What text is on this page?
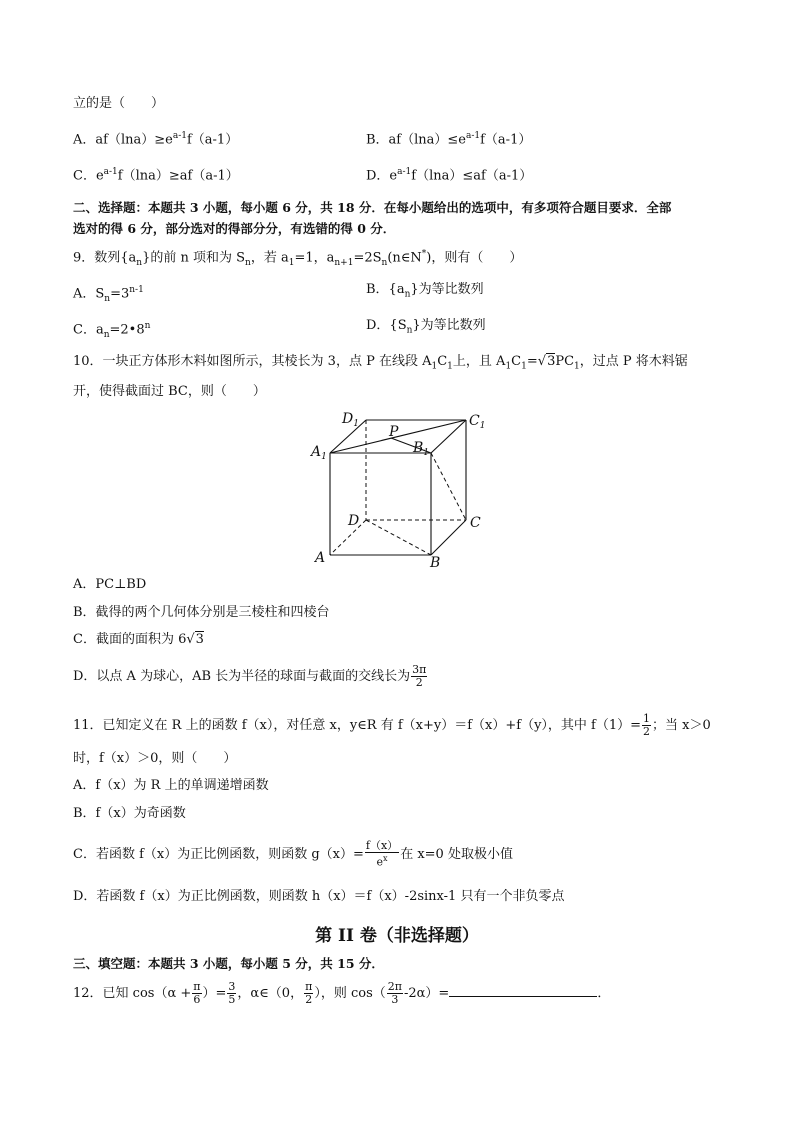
立的是（　　）
A．$af(\ln a)\ge e^{a-1}f(a-1)$	B．$af(\ln a)\le e^{a-1}f(a-1)$
C．$e^{a-1}f(\ln a)\ge af(a-1)$	D．$e^{a-1}f(\ln a)\le af(a-1)$
二、选择题：本题共 3 小题，每小题 6 分，共 18 分．在每小题给出的选项中，有多项符合题目要求．全部
选对的得 6 分，部分选对的得部分分，有选错的得 0 分．
9．数列$\{a_n\}$的前 n 项和为 $S_n$，若 $a_1=1$，$a_{n+1}=2S_n(n\in N^*)$，则有（　　）
A．$S_n=3^{n-1}$	B．$\{a_n\}$为等比数列
C．$a_n=2•8^n$	D．$\{S_n\}$为等比数列
10．一块正方体形木料如图所示，其棱长为 3，点 P 在线段 $A_1C_1$上，且 $A_1C_1=√3PC_1$，过点 P 将木料锯
开，使得截面过 BC，则（　　）
$D_1$	$C_1$
$A_1$
$B_1$
P
D	C
A	B
A．PC⊥BD
B．截得的两个几何体分别是三棱柱和四棱台
C．截面的面积为 6√3
D．以点 A 为球心，AB 长为半径的球面与截面的交线长为 $\frac{3\pi}{2}$
11．已知定义在 R 上的函数 f（x），对任意 x，y∈R 有 f（x+y）＝f（x）+f（y），其中 $f(1)= \frac{1}{2}$ ；当 x＞0
时，f（x）＞0，则（　　）
A．f（x）为 R 上的单调递增函数
B．f（x）为奇函数
C．若函数 f（x）为正比例函数，则函数 $g(x)= \frac{f(x)}{e^x}$ 在 x=0 处取极小值
D．若函数 f（x）为正比例函数，则函数 h（x）＝f（x）-2sinx-1 只有一个非负零点
第 II 卷（非选择题）
三、填空题：本题共 3 小题，每小题 5 分，共 15 分．
12．已知 $\cos(\alpha + \frac{\pi}{6}$ ）= $\frac{3}{5}$ ，α∈（0， $\frac{\pi}{2}$ ），则 $\cos( \frac{2\pi}{3} -2\alpha)=$	．
